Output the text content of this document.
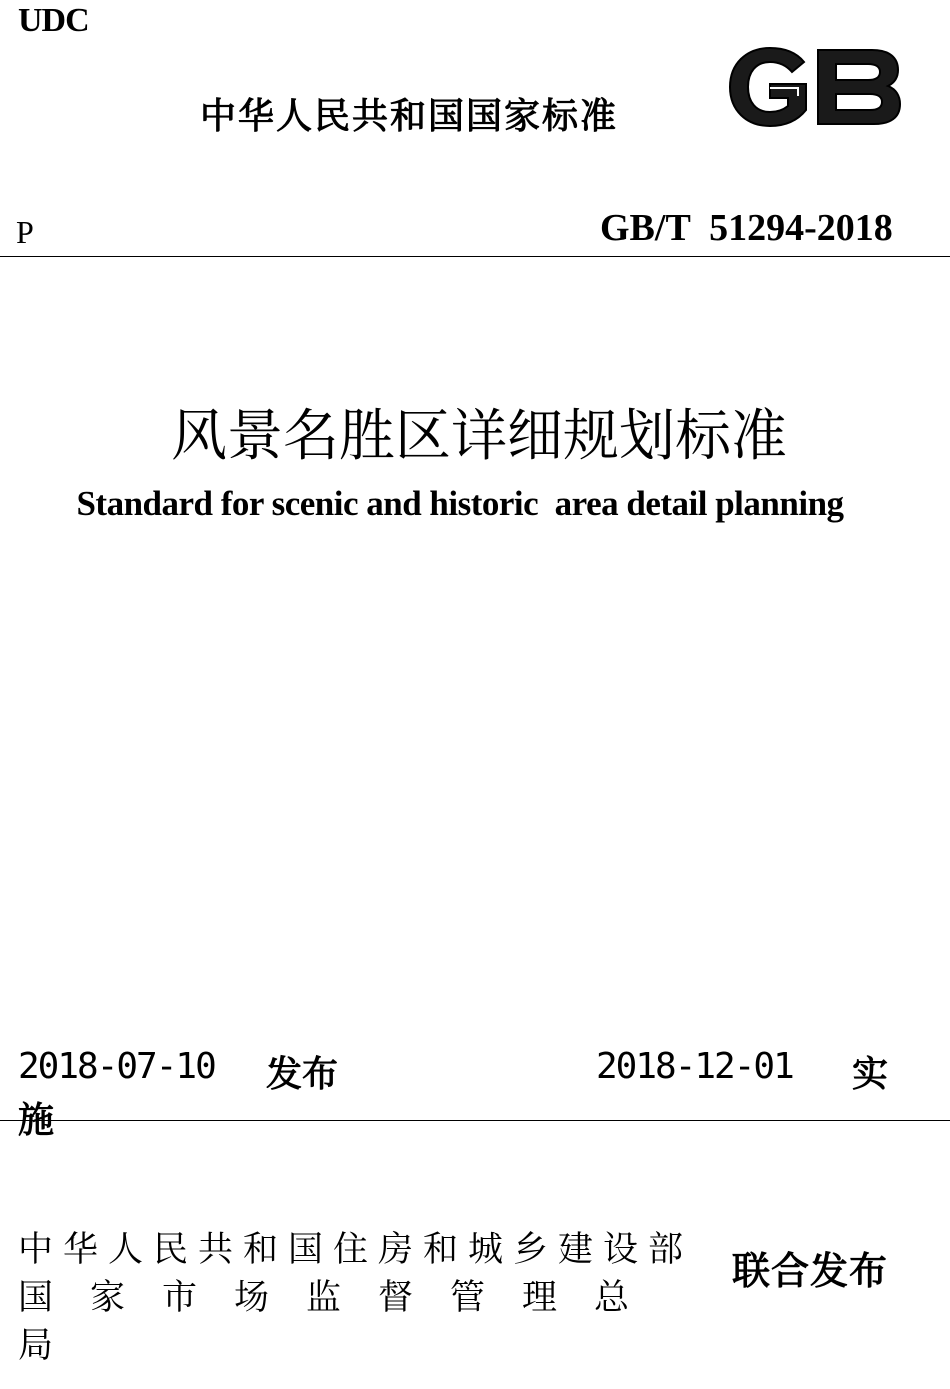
UDC
中华人民共和国国家标准
P	GB/T  51294-2018
风景名胜区详细规划标准
Standard for scenic and historic  area detail planning
2018-07-10 发布	2018-12-01 实
施
中华人民共和国住房和城乡建设部
国家市场监督管理总
局
联合发布
